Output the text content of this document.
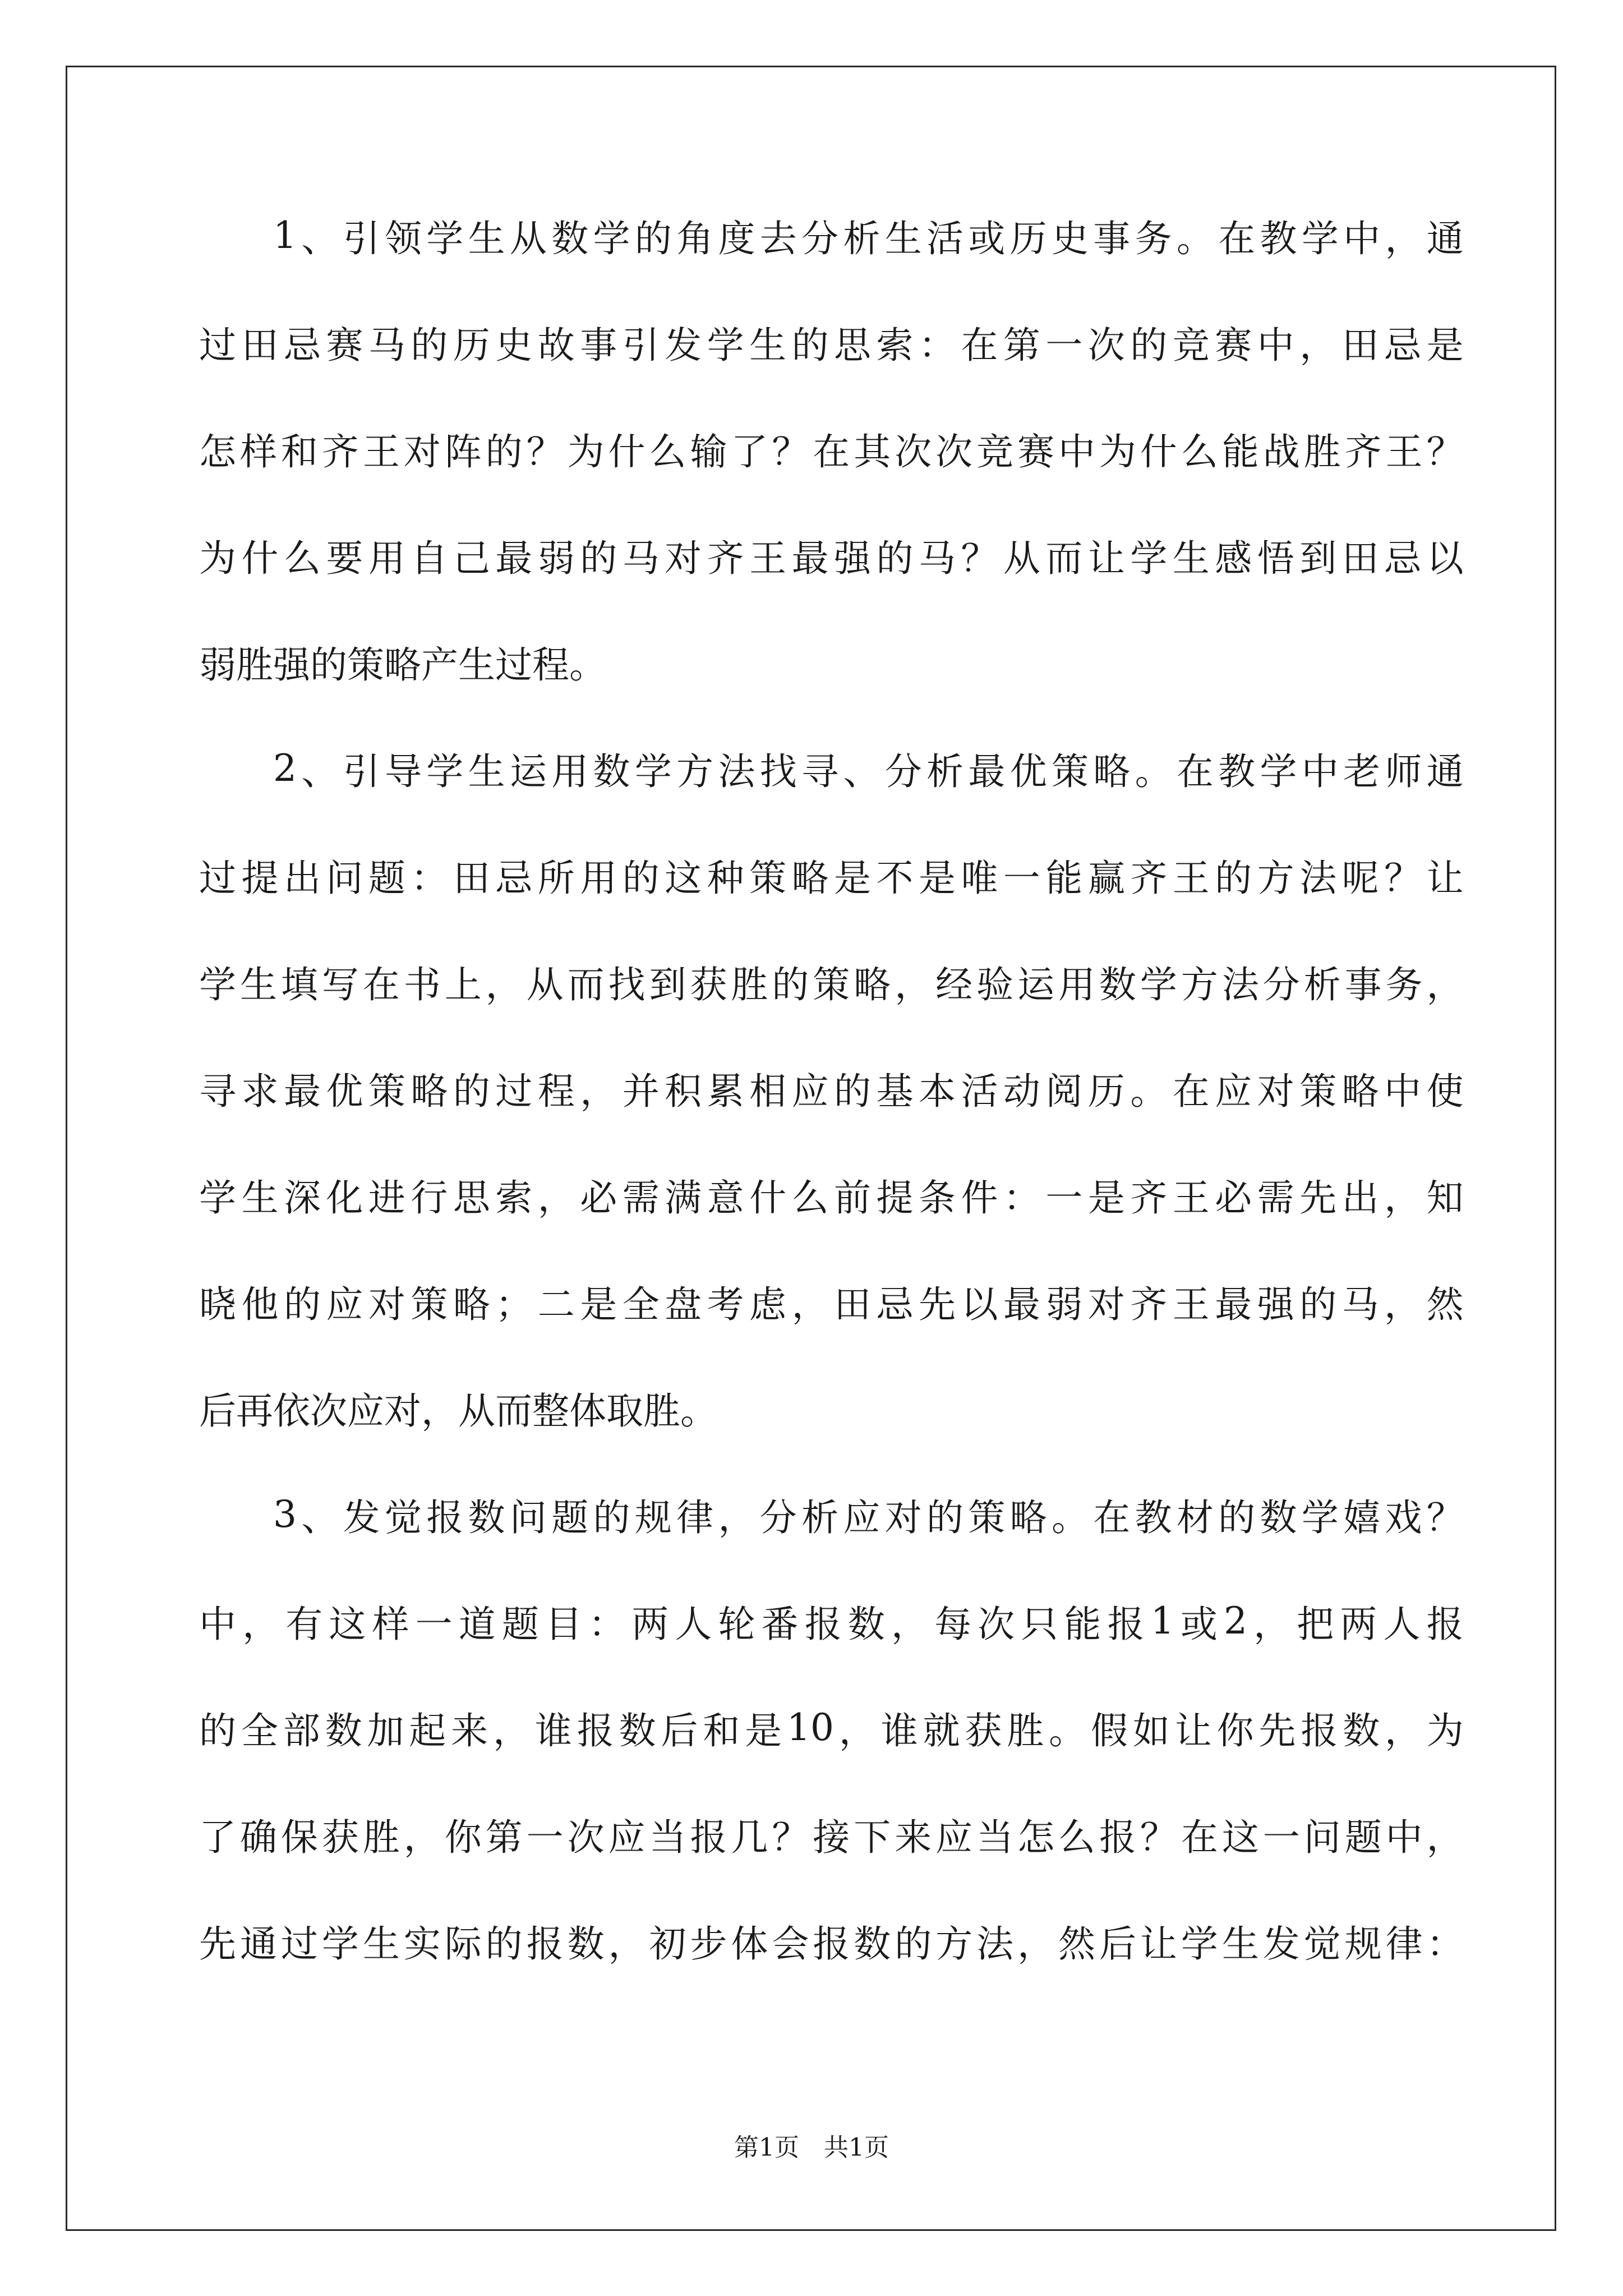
1 、 引 领 学 生 从 数 学 的 角 度 去 分 析 生 活 或 历 史 事 务 。 在 教 学 中 ， 通
过 田 忌 赛 马 的 历 史 故 事 引 发 学 生 的 思 索 ： 在 第 一 次 的 竞 赛 中 ， 田 忌 是
怎 样 和 齐 王 对 阵 的 ？ 为 什 么 输 了 ？ 在 其 次 次 竞 赛 中 为 什 么 能 战 胜 齐 王 ？
为 什 么 要 用 自 己 最 弱 的 马 对 齐 王 最 强 的 马 ？ 从 而 让 学 生 感 悟 到 田 忌 以
弱 胜 强 的 策 略 产 生 过 程 。
2 、 引 导 学 生 运 用 数 学 方 法 找 寻 、 分 析 最 优 策 略 。 在 教 学 中 老 师 通
过 提 出 问 题 ： 田 忌 所 用 的 这 种 策 略 是 不 是 唯 一 能 赢 齐 王 的 方 法 呢 ？ 让
学 生 填 写 在 书 上 ， 从 而 找 到 获 胜 的 策 略 ， 经 验 运 用 数 学 方 法 分 析 事 务 ，
寻 求 最 优 策 略 的 过 程 ， 并 积 累 相 应 的 基 本 活 动 阅 历 。 在 应 对 策 略 中 使
学 生 深 化 进 行 思 索 ， 必 需 满 意 什 么 前 提 条 件 ： 一 是 齐 王 必 需 先 出 ， 知
晓 他 的 应 对 策 略 ； 二 是 全 盘 考 虑 ， 田 忌 先 以 最 弱 对 齐 王 最 强 的 马 ， 然
后 再 依 次 应 对 ， 从 而 整 体 取 胜 。
3 、 发 觉 报 数 问 题 的 规 律 ， 分 析 应 对 的 策 略 。 在 教 材 的 数 学 嬉 戏 ？
中 ， 有 这 样 一 道 题 目 ： 两 人 轮 番 报 数 ， 每 次 只 能 报 1 或 2 ， 把 两 人 报
的 全 部 数 加 起 来 ， 谁 报 数 后 和 是 10 ， 谁 就 获 胜 。 假 如 让 你 先 报 数 ， 为
了 确 保 获 胜 ， 你 第 一 次 应 当 报 几 ？ 接 下 来 应 当 怎 么 报 ？ 在 这 一 问 题 中 ，
先 通 过 学 生 实 际 的 报 数 ， 初 步 体 会 报 数 的 方 法 ， 然 后 让 学 生 发 觉 规 律 ：
第1页　共1页
